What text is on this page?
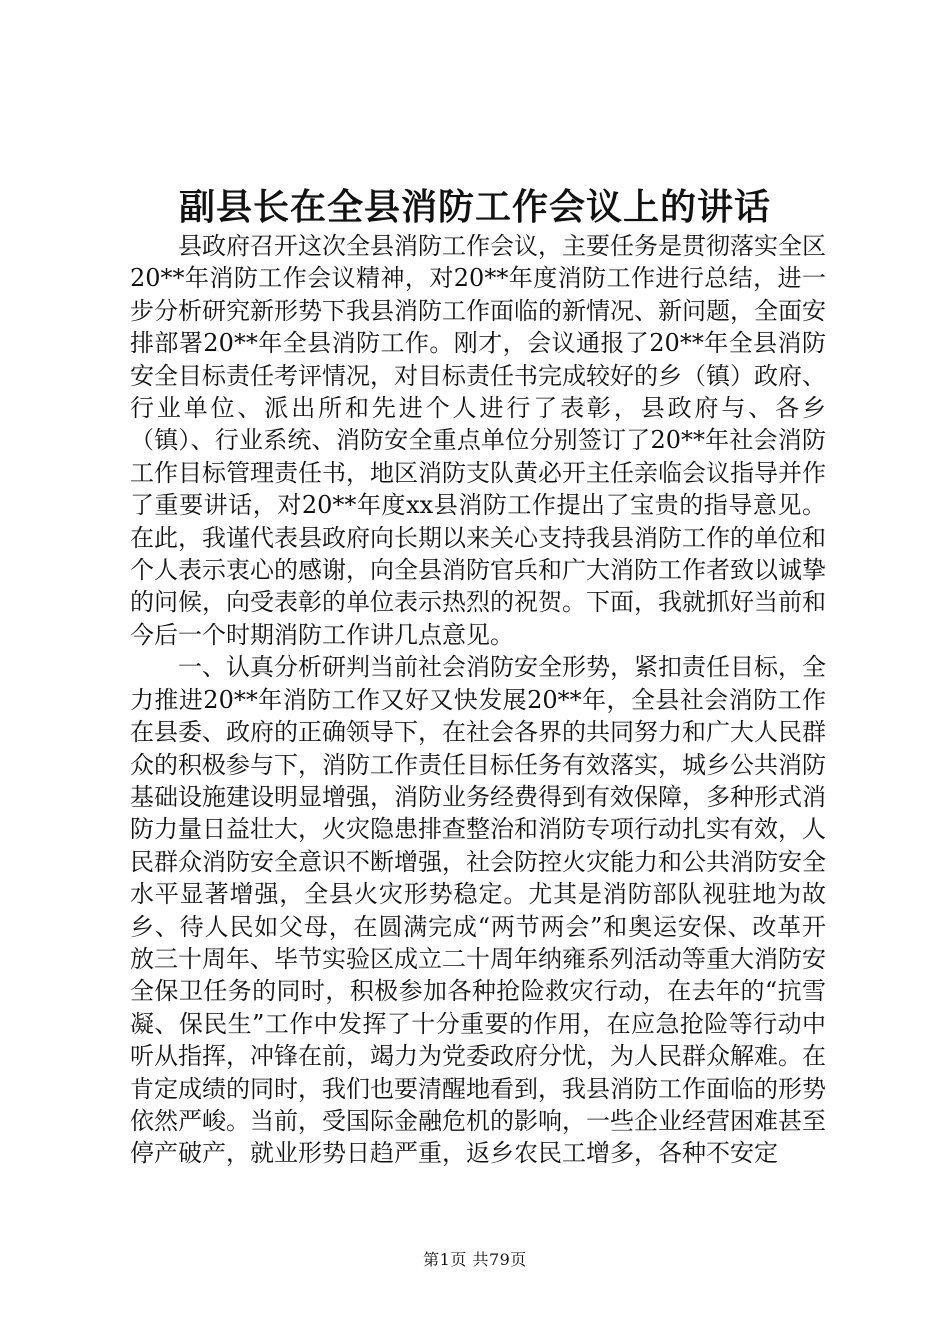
副县长在全县消防工作会议上的讲话

县政府召开这次全县消防工作会议，主要任务是贯彻落实全区20**年消防工作会议精神，对20**年度消防工作进行总结，进一步分析研究新形势下我县消防工作面临的新情况、新问题，全面安排部署20**年全县消防工作。刚才，会议通报了20**年全县消防安全目标责任考评情况，对目标责任书完成较好的乡（镇）政府、行业单位、派出所和先进个人进行了表彰，县政府与、各乡（镇）、行业系统、消防安全重点单位分别签订了20**年社会消防工作目标管理责任书，地区消防支队黄必开主任亲临会议指导并作了重要讲话，对20**年度xx县消防工作提出了宝贵的指导意见。在此，我谨代表县政府向长期以来关心支持我县消防工作的单位和个人表示衷心的感谢，向全县消防官兵和广大消防工作者致以诚挚的问候，向受表彰的单位表示热烈的祝贺。下面，我就抓好当前和今后一个时期消防工作讲几点意见。

一、认真分析研判当前社会消防安全形势，紧扣责任目标，全力推进20**年消防工作又好又快发展20**年，全县社会消防工作在县委、政府的正确领导下，在社会各界的共同努力和广大人民群众的积极参与下，消防工作责任目标任务有效落实，城乡公共消防基础设施建设明显增强，消防业务经费得到有效保障，多种形式消防力量日益壮大，火灾隐患排查整治和消防专项行动扎实有效，人民群众消防安全意识不断增强，社会防控火灾能力和公共消防安全水平显著增强，全县火灾形势稳定。尤其是消防部队视驻地为故乡、待人民如父母，在圆满完成“两节两会”和奥运安保、改革开放三十周年、毕节实验区成立二十周年纳雍系列活动等重大消防安全保卫任务的同时，积极参加各种抢险救灾行动，在去年的“抗雪凝、保民生”工作中发挥了十分重要的作用，在应急抢险等行动中听从指挥，冲锋在前，竭力为党委政府分忧，为人民群众解难。在肯定成绩的同时，我们也要清醒地看到，我县消防工作面临的形势依然严峻。当前，受国际金融危机的影响，一些企业经营困难甚至停产破产，就业形势日趋严重，返乡农民工增多，各种不安定

第1页 共79页
